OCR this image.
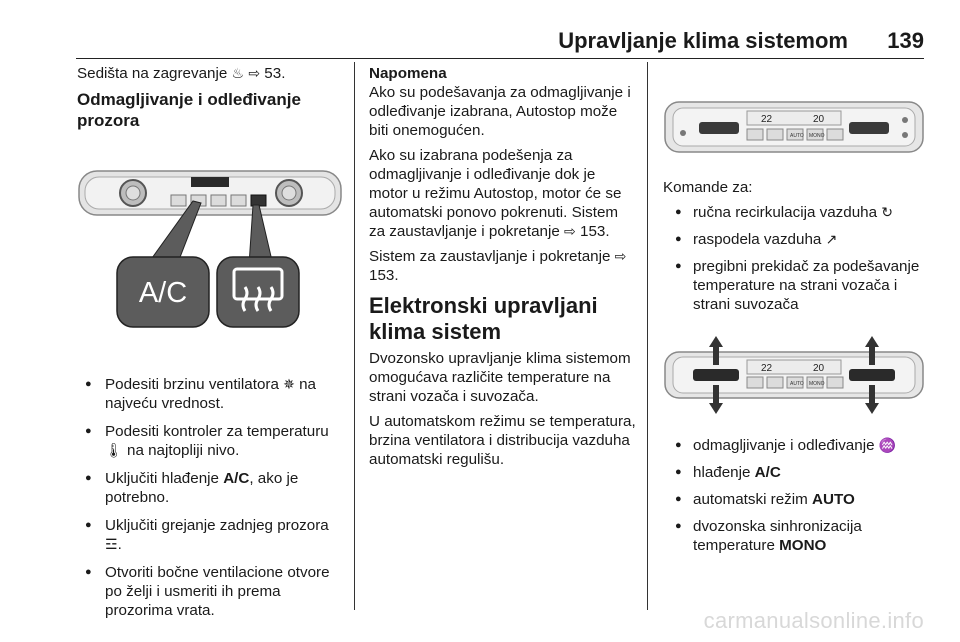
Upravljanje klima sistemom 139

Sedišta na zagrevanje ♨ ⇨ 53.

Odmagljivanje i odleđivanje prozora
A/C
● Podesiti brzinu ventilatora ✵ na najveću vrednost.
● Podesiti kontroler za temperaturu 🌡 na najtopliji nivo.
● Uključiti hlađenje A/C, ako je potrebno.
● Uključiti grejanje zadnjeg prozora ☲.
● Otvoriti bočne ventilacione otvore po želji i usmeriti ih prema prozorima vrata.
Napomena

Ako su podešavanja za odmagljivanje i odleđivanje izabrana, Autostop može biti onemogućen.

Ako su izabrana podešenja za odmagljivanje i odleđivanje dok je motor u režimu Autostop, motor će se automatski ponovo pokrenuti. Sistem za zaustavljanje i pokretanje ⇨ 153.

Sistem za zaustavljanje i pokretanje ⇨ 153.

Elektronski upravljani klima sistem

Dvozonsko upravljanje klima sistemom omogućava različite temperature na strani vozača i suvozača.

U automatskom režimu se temperatura, brzina ventilatora i distribucija vazduha automatski regulišu.

22	20
AUTO MONO

Komande za:

● ručna recirkulacija vazduha ↻
● raspodela vazduha ↗
● pregibni prekidač za podešavanje temperature na strani vozača i strani suvozača
22	20
AUTO MONO
● odmagljivanje i odleđivanje ♒
● hlađenje A/C
● automatski režim AUTO
● dvozonska sinhronizacija temperature MONO
carmanualsonline.info
